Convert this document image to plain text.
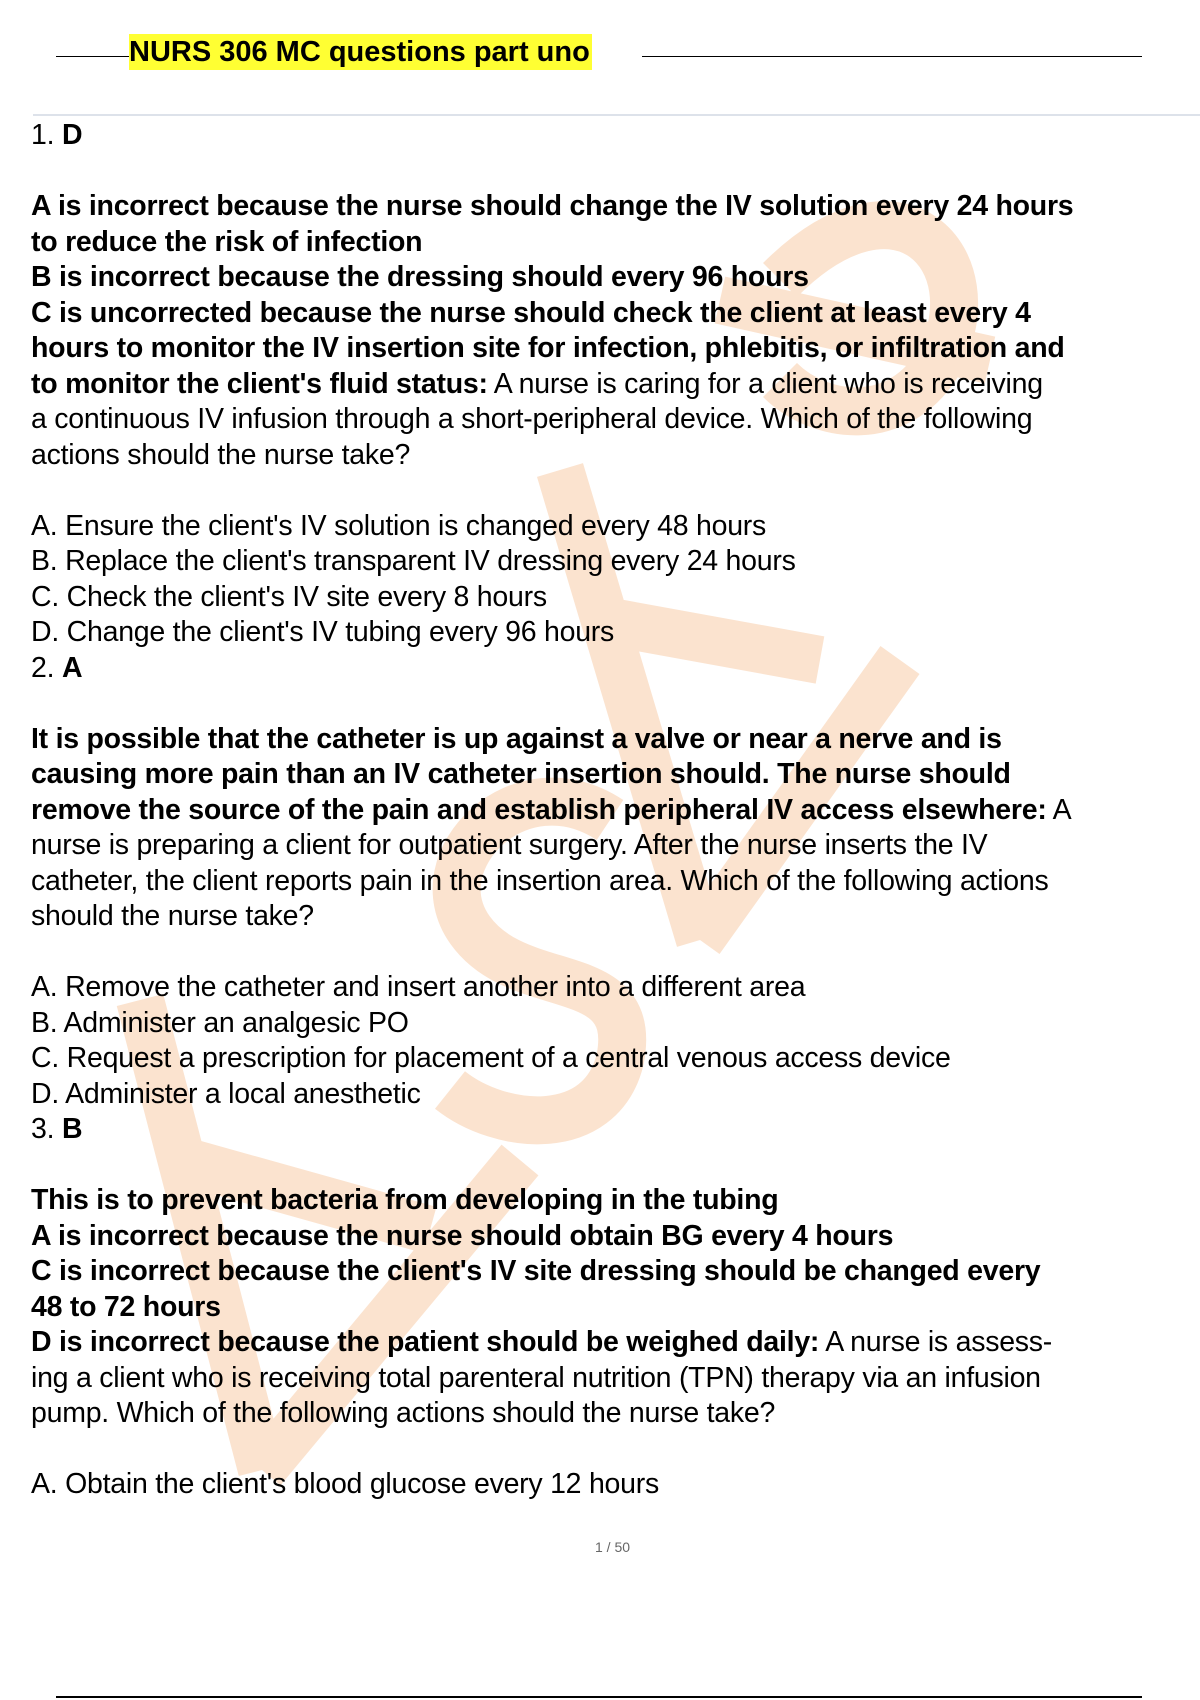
NURS 306 MC questions part uno

1. D

A is incorrect because the nurse should change the IV solution every 24 hours

to reduce the risk of infection

B is incorrect because the dressing should every 96 hours

C is uncorrected because the nurse should check the client at least every 4

hours to monitor the IV insertion site for infection, phlebitis, or infiltration and

to monitor the client's fluid status: A nurse is caring for a client who is receiving

a continuous IV infusion through a short-peripheral device. Which of the following

actions should the nurse take?

A. Ensure the client's IV solution is changed every 48 hours

B. Replace the client's transparent IV dressing every 24 hours

C. Check the client's IV site every 8 hours

D. Change the client's IV tubing every 96 hours

2. A

It is possible that the catheter is up against a valve or near a nerve and is

causing more pain than an IV catheter insertion should. The nurse should

remove the source of the pain and establish peripheral IV access elsewhere: A

nurse is preparing a client for outpatient surgery. After the nurse inserts the IV

catheter, the client reports pain in the insertion area. Which of the following actions

should the nurse take?

A. Remove the catheter and insert another into a different area

B. Administer an analgesic PO

C. Request a prescription for placement of a central venous access device

D. Administer a local anesthetic

3. B

This is to prevent bacteria from developing in the tubing

A is incorrect because the nurse should obtain BG every 4 hours

C is incorrect because the client's IV site dressing should be changed every

48 to 72 hours

D is incorrect because the patient should be weighed daily: A nurse is assess-

ing a client who is receiving total parenteral nutrition (TPN) therapy via an infusion

pump. Which of the following actions should the nurse take?

A. Obtain the client's blood glucose every 12 hours

1 / 50
